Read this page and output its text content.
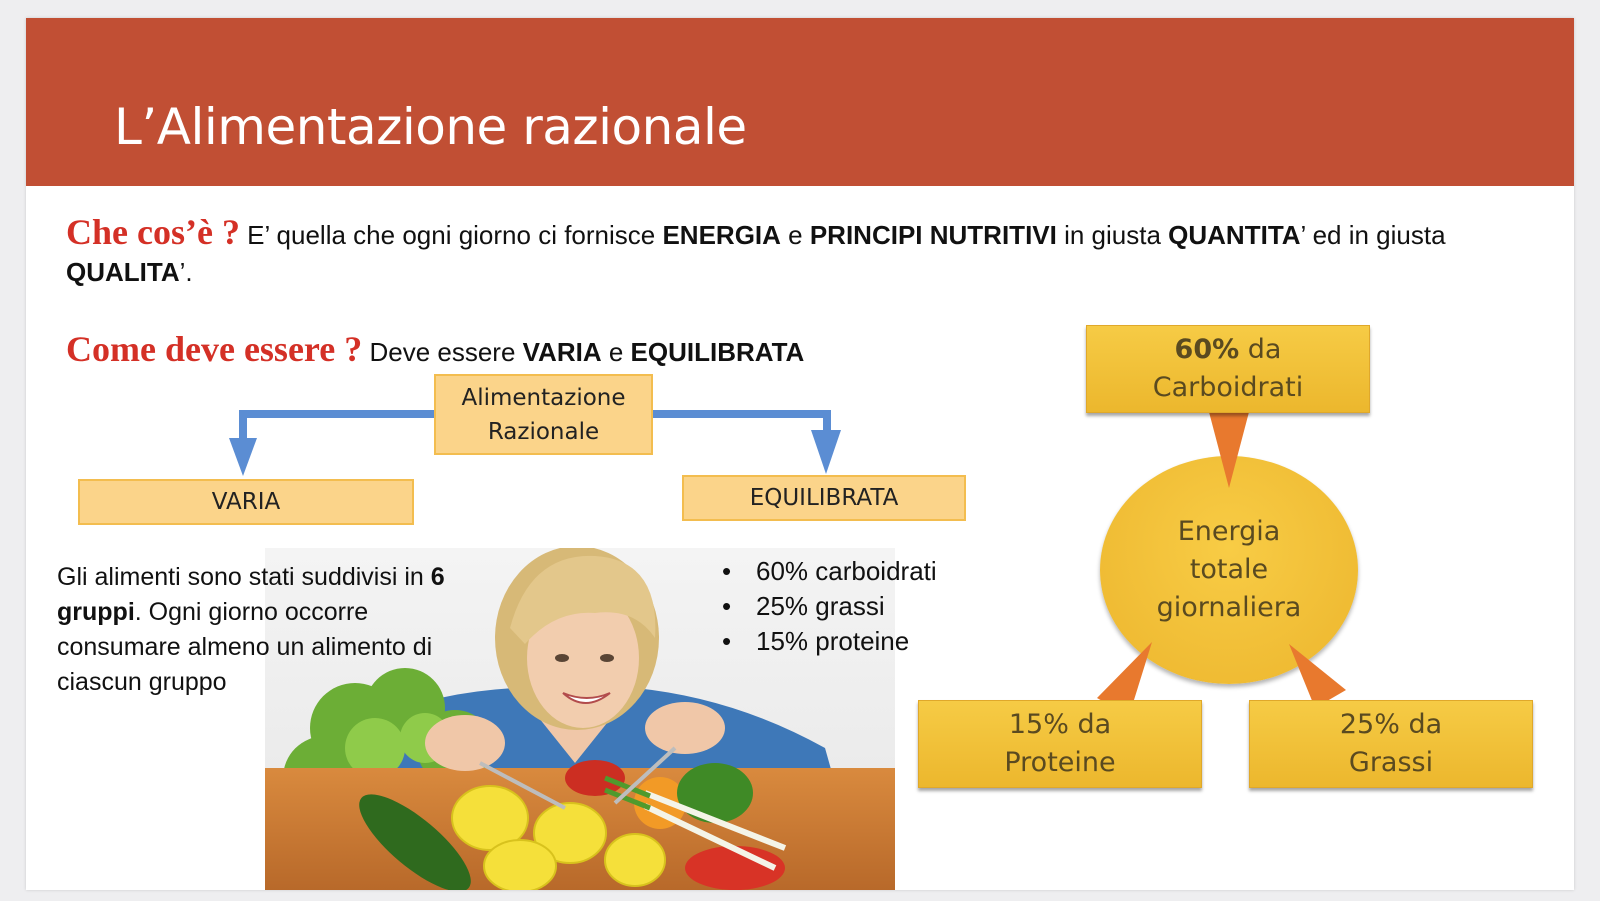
L’Alimentazione razionale
Che cos’è ? E’ quella che ogni giorno ci fornisce ENERGIA e PRINCIPI NUTRITIVI in giusta QUANTITA’ ed in giusta QUALITA’.
Come deve essere ? Deve essere VARIA e EQUILIBRATA
Alimentazione
Razionale
VARIA	EQUILIBRATA
• 60% carboidrati
• 25% grassi
• 15% proteine
Gli alimenti sono stati suddivisi in 6 gruppi. Ogni giorno occorre consumare almeno un alimento di ciascun gruppo
60% da
Carboidrati
Energia
totale
giornaliera
15% da
Proteine
25% da
Grassi
